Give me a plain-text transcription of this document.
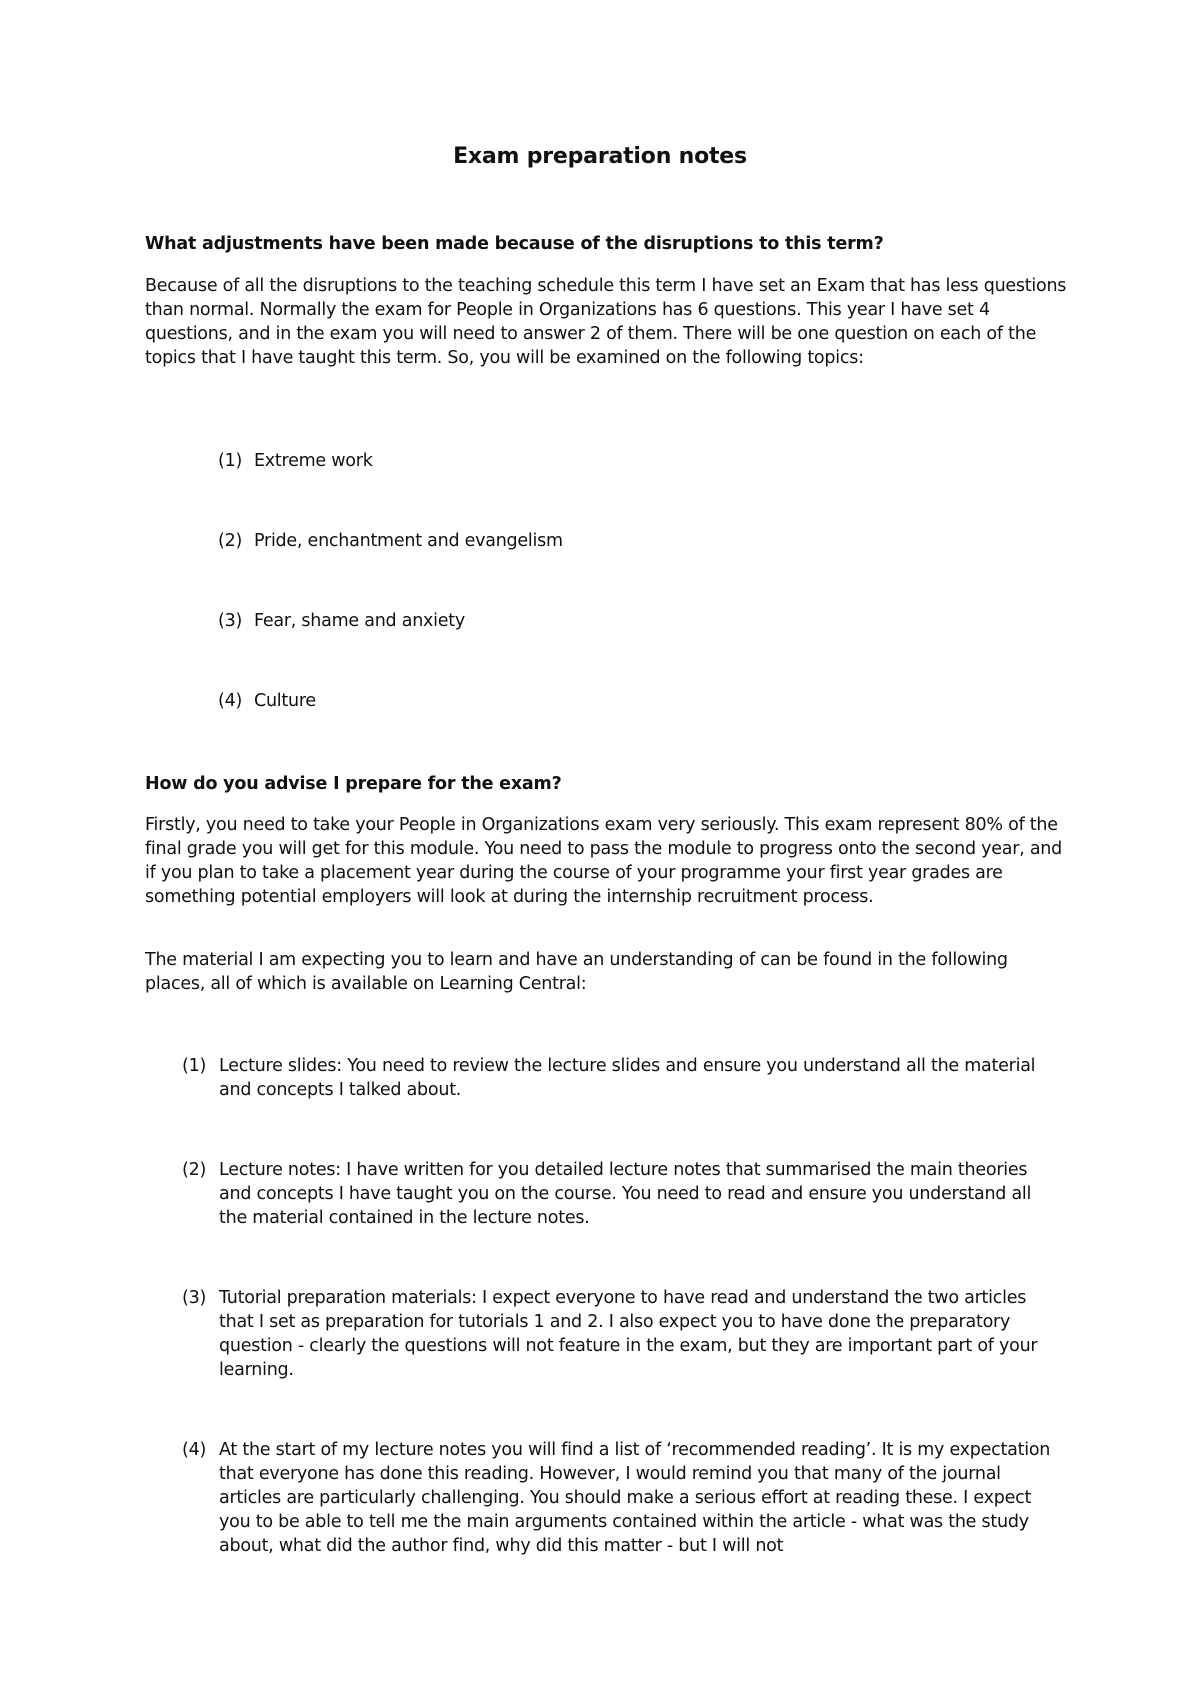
Exam preparation notes
What adjustments have been made because of the disruptions to this term?

Because of all the disruptions to the teaching schedule this term I have set an Exam that has less questions than normal. Normally the exam for People in Organizations has 6 questions. This year I have set 4 questions, and in the exam you will need to answer 2 of them. There will be one question on each of the topics that I have taught this term. So, you will be examined on the following topics:

(1) Extreme work
(2) Pride, enchantment and evangelism
(3) Fear, shame and anxiety
(4) Culture
How do you advise I prepare for the exam?

Firstly, you need to take your People in Organizations exam very seriously. This exam represent 80% of the final grade you will get for this module. You need to pass the module to progress onto the second year, and if you plan to take a placement year during the course of your programme your first year grades are something potential employers will look at during the internship recruitment process.

The material I am expecting you to learn and have an understanding of can be found in the following places, all of which is available on Learning Central:

(1) Lecture slides: You need to review the lecture slides and ensure you understand all the material and concepts I talked about.
(2) Lecture notes: I have written for you detailed lecture notes that summarised the main theories and concepts I have taught you on the course. You need to read and ensure you understand all the material contained in the lecture notes.
(3) Tutorial preparation materials: I expect everyone to have read and understand the two articles that I set as preparation for tutorials 1 and 2. I also expect you to have done the preparatory question - clearly the questions will not feature in the exam, but they are important part of your learning.
(4) At the start of my lecture notes you will find a list of ‘recommended reading’. It is my expectation that everyone has done this reading. However, I would remind you that many of the journal articles are particularly challenging. You should make a serious effort at reading these. I expect you to be able to tell me the main arguments contained within the article - what was the study about, what did the author find, why did this matter - but I will not
